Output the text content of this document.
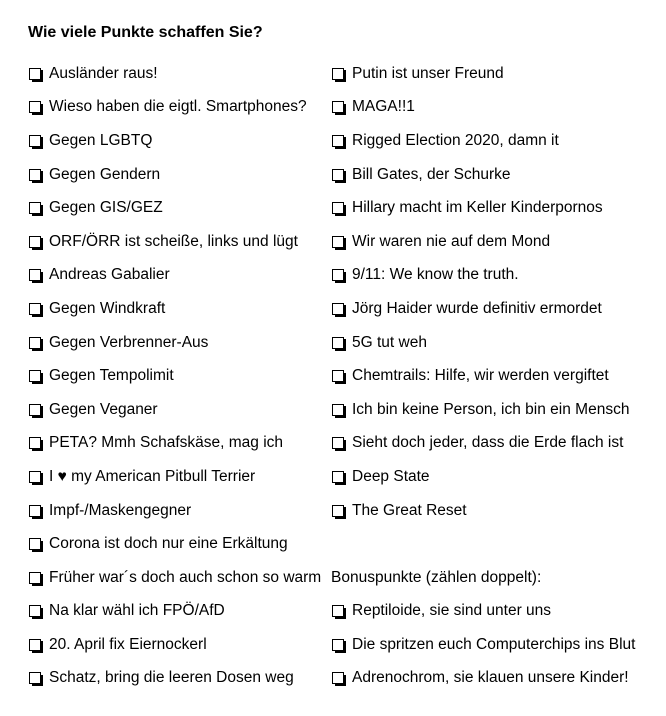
Wie viele Punkte schaffen Sie?
Ausländer raus!
Wieso haben die eigtl. Smartphones?
Gegen LGBTQ
Gegen Gendern
Gegen GIS/GEZ
ORF/ÖRR ist scheiße, links und lügt
Andreas Gabalier
Gegen Windkraft
Gegen Verbrenner-Aus
Gegen Tempolimit
Gegen Veganer
PETA? Mmh Schafskäse, mag ich
I ♥ my American Pitbull Terrier
Impf-/Maskengegner
Corona ist doch nur eine Erkältung
Früher war´s doch auch schon so warm
Na klar wähl ich FPÖ/AfD
20. April fix Eiernockerl
Schatz, bring die leeren Dosen weg
Putin ist unser Freund
MAGA!!1
Rigged Election 2020, damn it
Bill Gates, der Schurke
Hillary macht im Keller Kinderpornos
Wir waren nie auf dem Mond
9/11: We know the truth.
Jörg Haider wurde definitiv ermordet
5G tut weh
Chemtrails: Hilfe, wir werden vergiftet
Ich bin keine Person, ich bin ein Mensch
Sieht doch jeder, dass die Erde flach ist
Deep State
The Great Reset
Bonuspunkte (zählen doppelt):
Reptiloide, sie sind unter uns
Die spritzen euch Computerchips ins Blut
Adrenochrom, sie klauen unsere Kinder!
